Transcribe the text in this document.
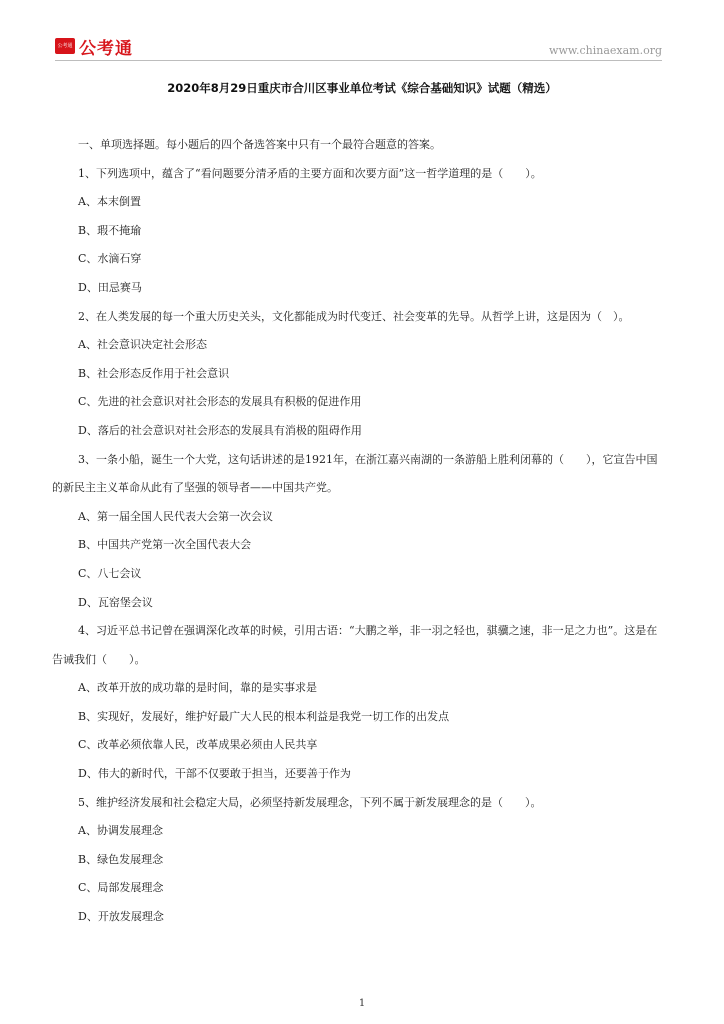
公考通 公考通	www.chinaexam.org
2020年8月29日重庆市合川区事业单位考试《综合基础知识》试题（精选）

一、单项选择题。每小题后的四个备选答案中只有一个最符合题意的答案。

1、下列选项中，蕴含了“看问题要分清矛盾的主要方面和次要方面”这一哲学道理的是（　　）。

A、本末倒置

B、瑕不掩瑜

C、水滴石穿

D、田忌赛马

2、在人类发展的每一个重大历史关头，文化都能成为时代变迁、社会变革的先导。从哲学上讲，这是因为（　）。

A、社会意识决定社会形态

B、社会形态反作用于社会意识

C、先进的社会意识对社会形态的发展具有积极的促进作用

D、落后的社会意识对社会形态的发展具有消极的阻碍作用

3、一条小船，诞生一个大党，这句话讲述的是1921年，在浙江嘉兴南湖的一条游船上胜利闭幕的（　　），它宣告中国的新民主主义革命从此有了坚强的领导者——中国共产党。

A、第一届全国人民代表大会第一次会议

B、中国共产党第一次全国代表大会

C、八七会议

D、瓦窑堡会议

4、习近平总书记曾在强调深化改革的时候，引用古语：“大鹏之举，非一羽之轻也，骐骥之速，非一足之力也”。这是在告诫我们（　　）。

A、改革开放的成功靠的是时间，靠的是实事求是

B、实现好，发展好，维护好最广大人民的根本利益是我党一切工作的出发点

C、改革必须依靠人民，改革成果必须由人民共享

D、伟大的新时代，干部不仅要敢于担当，还要善于作为

5、维护经济发展和社会稳定大局，必须坚持新发展理念，下列不属于新发展理念的是（　　）。

A、协调发展理念

B、绿色发展理念

C、局部发展理念

D、开放发展理念

1
